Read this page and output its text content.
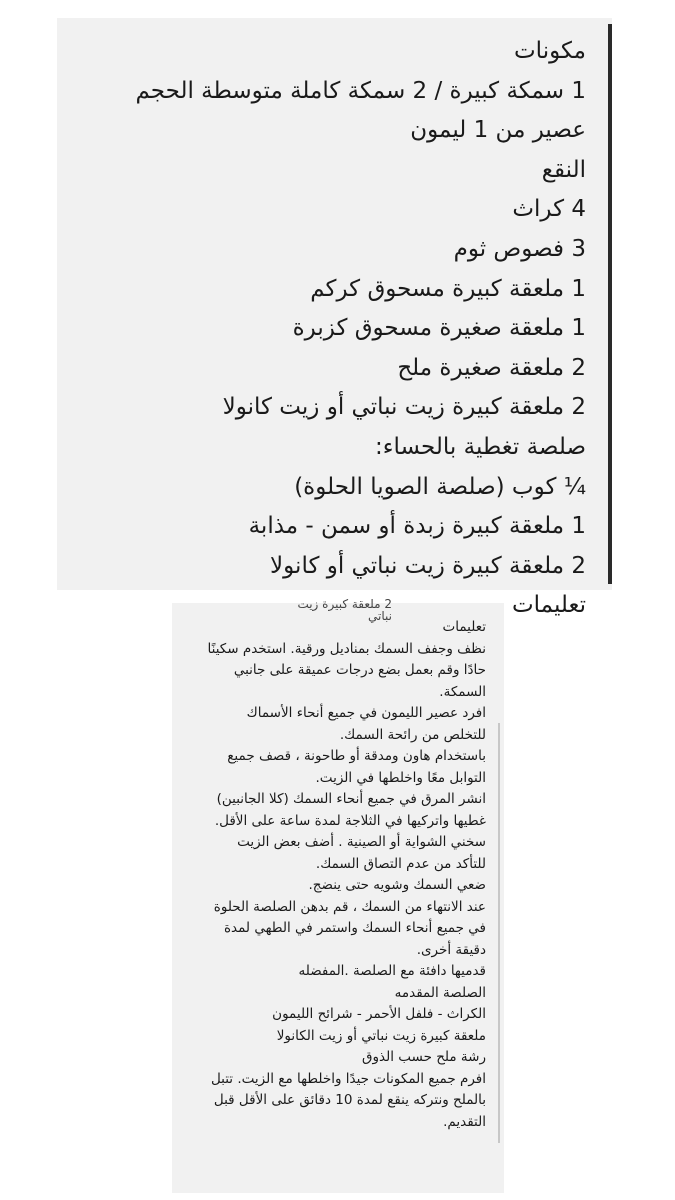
مكونات
1 سمكة كبيرة / 2 سمكة كاملة متوسطة الحجم
عصير من 1 ليمون
النقع
4 كراث
3 فصوص ثوم
1 ملعقة كبيرة مسحوق كركم
1 ملعقة صغيرة مسحوق كزبرة
2 ملعقة صغيرة ملح
2 ملعقة كبيرة زيت نباتي أو زيت كانولا
صلصة تغطية بالحساء:
¼ كوب (صلصة الصويا الحلوة)
1 ملعقة كبيرة زبدة أو سمن - مذابة
2 ملعقة كبيرة زيت نباتي أو كانولا
تعليمات
2 ملعقة كبيرة زيت نباتي
تعليمات
نظف وجفف السمك بمناديل ورقية. استخدم سكينًا
حادًا وقم بعمل بضع درجات عميقة على جانبي
السمكة.
افرد عصير الليمون في جميع أنحاء الأسماك
للتخلص من رائحة السمك.
باستخدام هاون ومدقة أو طاحونة ، قصف جميع
التوابل معًا واخلطها في الزيت.
انشر المرق في جميع أنحاء السمك (كلا الجانبين)
غطيها واتركيها في الثلاجة لمدة ساعة على الأقل.
سخني الشواية أو الصينية . أضف بعض الزيت
للتأكد من عدم التصاق السمك.
ضعي السمك وشويه حتى ينضج.
عند الانتهاء من السمك ، قم بدهن الصلصة الحلوة
في جميع أنحاء السمك واستمر في الطهي لمدة
دقيقة أخرى.
قدميها دافئة مع الصلصة .المفضله
الصلصة المقدمه
الكراث - فلفل الأحمر - شرائح الليمون
ملعقة كبيرة زيت نباتي أو زيت الكانولا
رشة ملح حسب الذوق
افرم جميع المكونات جيدًا واخلطها مع الزيت. تتبل
بالملح ونتركه ينقع لمدة 10 دقائق على الأقل قبل
التقديم.
